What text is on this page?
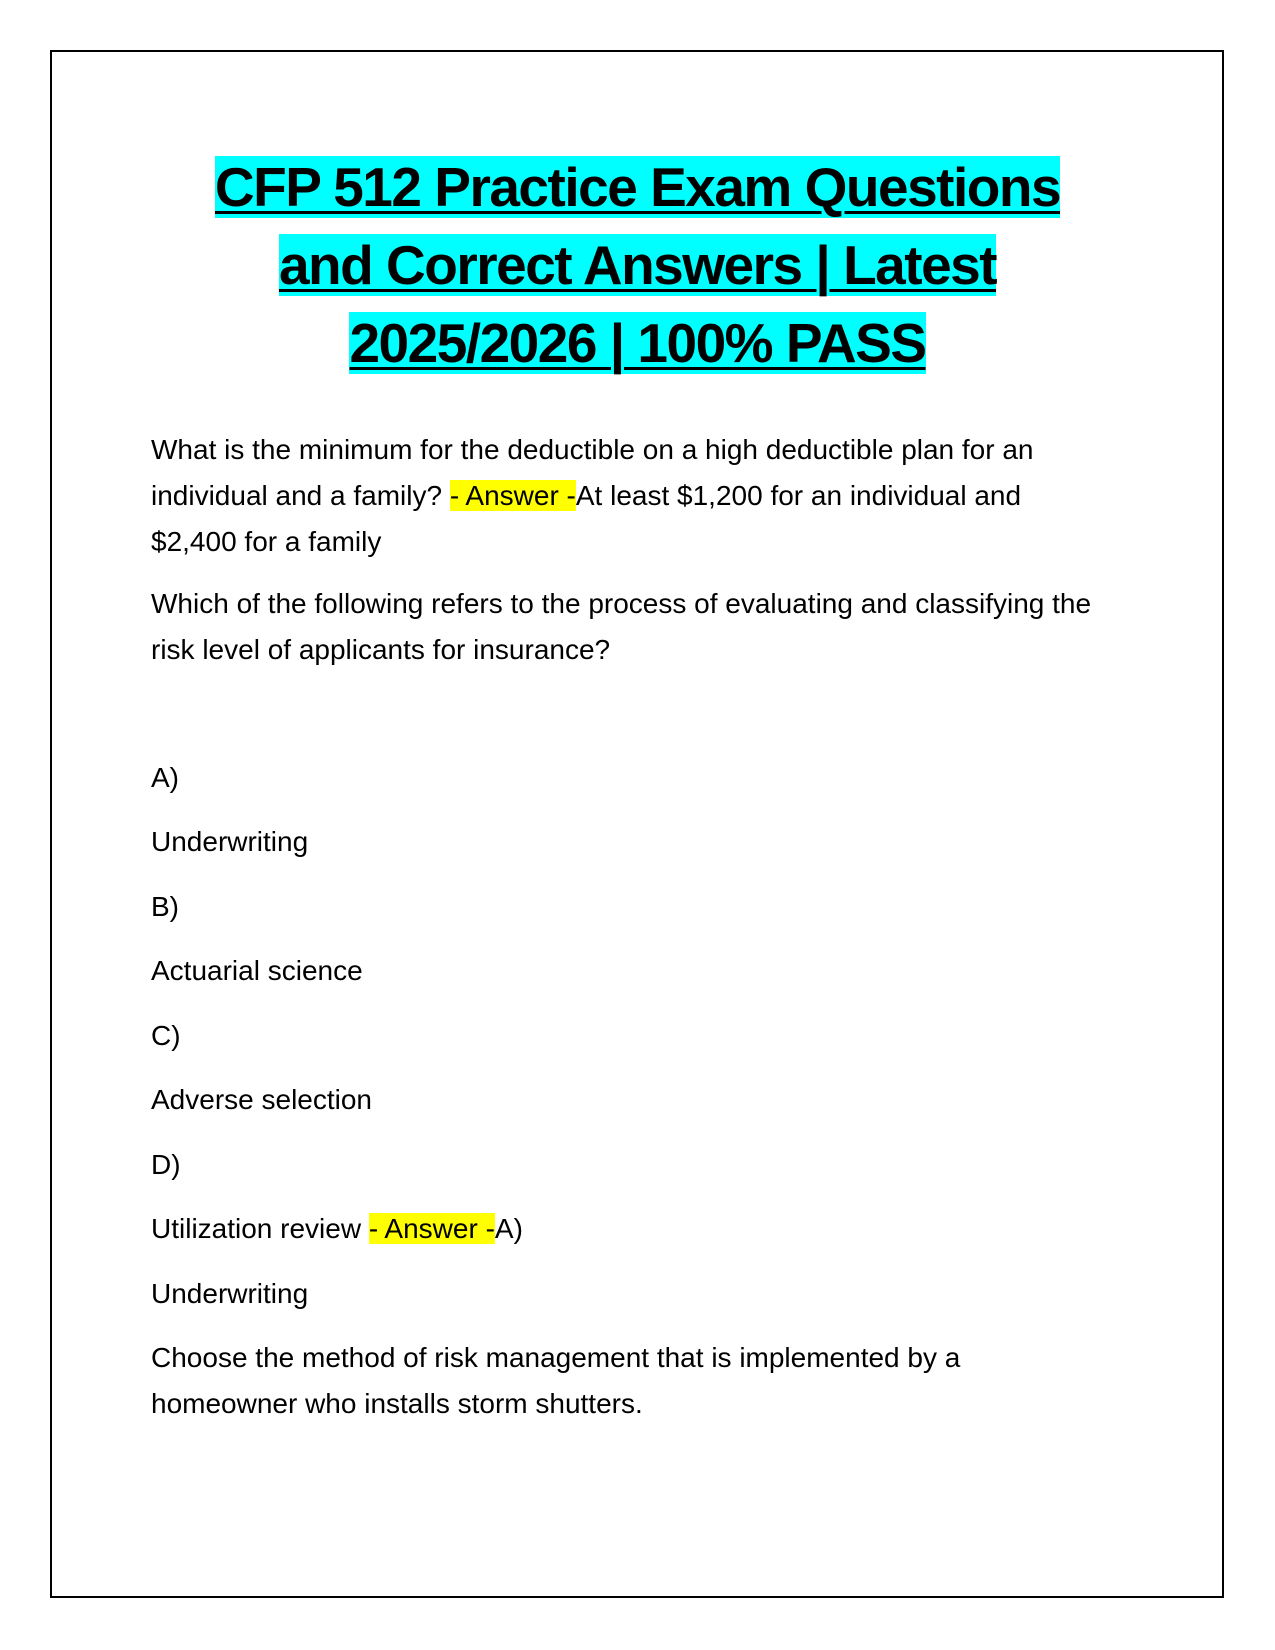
CFP 512 Practice Exam Questions
and Correct Answers | Latest
2025/2026 | 100% PASS

What is the minimum for the deductible on a high deductible plan for an individual and a family? - Answer -At least $1,200 for an individual and $2,400 for a family

Which of the following refers to the process of evaluating and classifying the risk level of applicants for insurance?

A)

Underwriting

B)

Actuarial science

C)

Adverse selection

D)

Utilization review - Answer -A)

Underwriting

Choose the method of risk management that is implemented by a homeowner who installs storm shutters.
